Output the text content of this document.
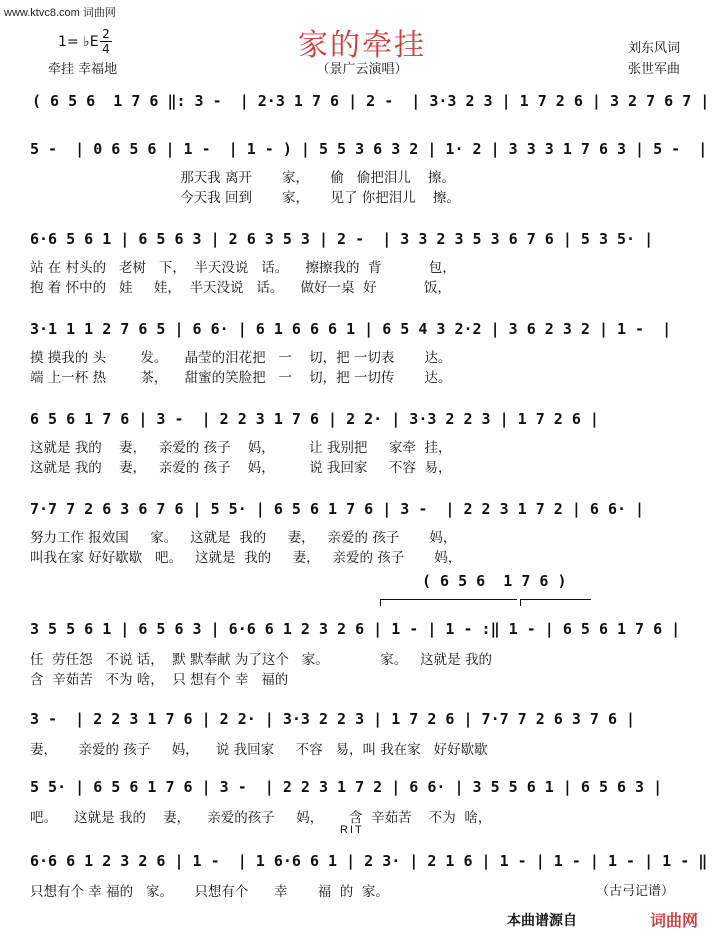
www.ktvc8.com 词曲网
家的牵挂
1= ♭E 2
4
牵挂 幸福地	（景广云演唱）
刘东风词
张世军曲
( 6 5 6  1 7 6 ‖: 3 -  | 2·3 1 7 6 | 2 -  | 3·3 2 3 | 1 7 2 6 | 3 2 7 6 7 |
5 -  | 0 6 5 6 | 1 -  | 1 - ) | 5 5 3 6 3 2 | 1· 2 | 3 3 3 1 7 6 3 | 5 -  |
那天我 离开       家，     偷   偷把泪儿    擦。
今天我 回到       家，     见了 你把泪儿    擦。
6·6 5 6 1 | 6 5 6 3 | 2 6 3 5 3 | 2 -  | 3 3 2 3 5 3 6 7 6 | 5 3 5· |
站 在 村头的   老树   下，  半天没说   话。    擦擦我的  背           包，
抱 着 怀中的   娃     娃，  半天没说   话。    做好一桌  好           饭，
3·1 1 1 2 7 6 5 | 6 6· | 6 1 6 6 6 1 | 6 5 4 3 2·2 | 3 6 2 3 2 | 1 -  |
摸 摸我的 头        发。    晶莹的泪花把   一    切，把 一切表       达。
端 上一杯 热        茶，    甜蜜的笑脸把   一    切，把 一切传       达。
6 5 6 1 7 6 | 3 -  | 2 2 3 1 7 6 | 2 2· | 3·3 2 2 3 | 1 7 2 6 |
这就是 我的    妻，   亲爱的 孩子    妈，        让 我别把     家牵  挂，
这就是 我的    妻，   亲爱的 孩子    妈，        说 我回家     不容  易，
7·7 7 2 6 3 6 7 6 | 5 5· | 6 5 6 1 7 6 | 3 -  | 2 2 3 1 7 2 | 6 6· |
努力工作 报效国     家。   这就是  我的     妻，   亲爱的 孩子       妈，
叫我在家 好好歇歇   吧。   这就是  我的     妻，   亲爱的 孩子       妈，
( 6 5 6  1 7 6 )
3 5 5 6 1 | 6 5 6 3 | 6·6 6 1 2 3 2 6 | 1 - | 1 - :‖ 1 - | 6 5 6 1 7 6 |
任  劳任怨   不说 话，  默 默奉献 为了这个   家。            家。   这就是 我的
含  辛茹苦   不为 啥，  只 想有个 幸   福的
3 -  | 2 2 3 1 7 6 | 2 2· | 3·3 2 2 3 | 1 7 2 6 | 7·7 7 2 6 3 7 6 |
妻，     亲爱的 孩子     妈，    说 我回家     不容   易，叫 我在家   好好歇歇
5 5· | 6 5 6 1 7 6 | 3 -  | 2 2 3 1 7 2 | 6 6· | 3 5 5 6 1 | 6 5 6 3 |
吧。    这就是 我的    妻，    亲爱的孩子     妈，      含  辛茹苦    不为  啥，
RIT
6·6 6 1 2 3 2 6 | 1 -  | 1 6·6 6 1 | 2 3· | 2 1 6 | 1 - | 1 - | 1 - | 1 - ‖
只想有个 幸 福的   家。     只想有个      幸       福  的  家。	（古弓记谱）
本曲谱源自	词曲网
